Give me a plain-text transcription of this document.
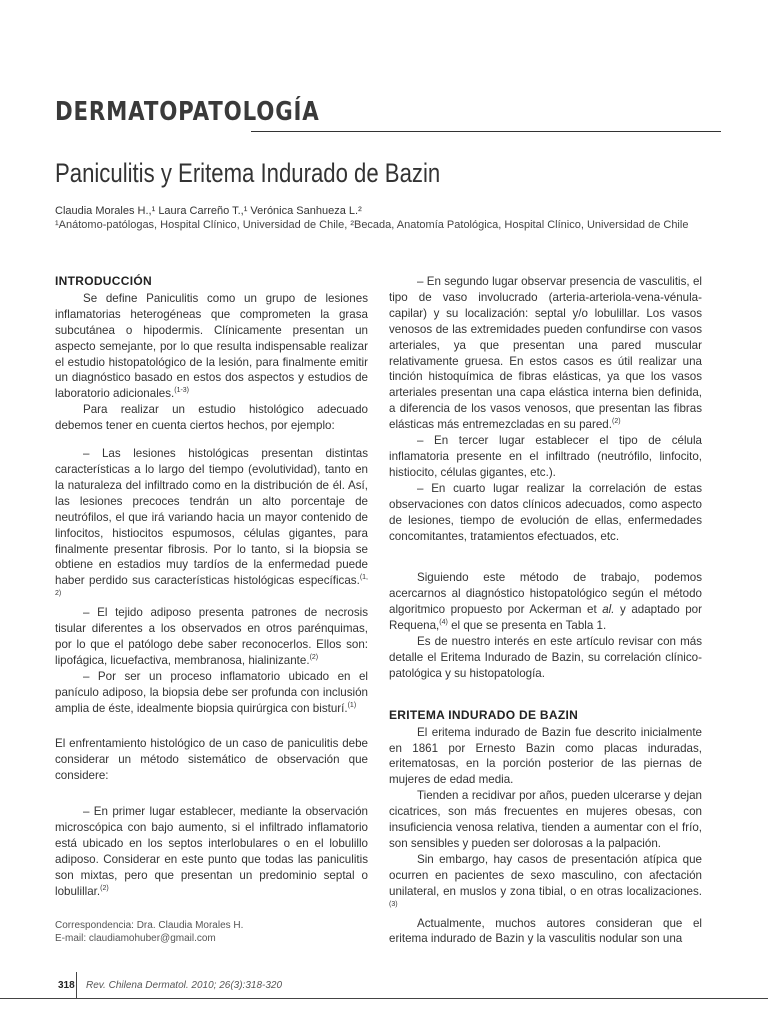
DERMATOPATOLOGÍA
Paniculitis y Eritema Indurado de Bazin
Claudia Morales H.,¹ Laura Carreño T.,¹ Verónica Sanhueza L.²
¹Anátomo-patólogas, Hospital Clínico, Universidad de Chile, ²Becada, Anatomía Patológica, Hospital Clínico, Universidad de Chile
INTRODUCCIÓN

Se define Paniculitis como un grupo de lesiones inflamatorias heterogéneas que comprometen la grasa subcutánea o hipodermis. Clínicamente presentan un aspecto semejante, por lo que resulta indispensable realizar el estudio histopatológico de la lesión, para finalmente emitir un diagnóstico basado en estos dos aspectos y estudios de laboratorio adicionales.$^{(1-3)}$

Para realizar un estudio histológico adecuado debemos tener en cuenta ciertos hechos, por ejemplo:

– Las lesiones histológicas presentan distintas características a lo largo del tiempo (evolutividad), tanto en la naturaleza del infiltrado como en la distribución de él. Así, las lesiones precoces tendrán un alto porcentaje de neutrófilos, el que irá variando hacia un mayor contenido de linfocitos, histiocitos espumosos, células gigantes, para finalmente presentar fibrosis. Por lo tanto, si la biopsia se obtiene en estadios muy tardíos de la enfermedad puede haber perdido sus características histológicas específicas.$^{(1, 2)}$

– El tejido adiposo presenta patrones de necrosis tisular diferentes a los observados en otros parénquimas, por lo que el patólogo debe saber reconocerlos. Ellos son: lipofágica, licuefactiva, membranosa, hialinizante.$^{(2)}$

– Por ser un proceso inflamatorio ubicado en el panículo adiposo, la biopsia debe ser profunda con inclusión amplia de éste, idealmente biopsia quirúrgica con bisturí.$^{(1)}$

El enfrentamiento histológico de un caso de paniculitis debe considerar un método sistemático de observación que considere:

– En primer lugar establecer, mediante la observación microscópica con bajo aumento, si el infiltrado inflamatorio está ubicado en los septos interlobulares o en el lobulillo adiposo. Considerar en este punto que todas las paniculitis son mixtas, pero que presentan un predominio septal o lobulillar.$^{(2)}$

Correspondencia: Dra. Claudia Morales H.
E-mail: claudiamohuber@gmail.com

– En segundo lugar observar presencia de vasculitis, el tipo de vaso involucrado (arteria-arteriola-vena-vénula-capilar) y su localización: septal y/o lobulillar. Los vasos venosos de las extremidades pueden confundirse con vasos arteriales, ya que presentan una pared muscular relativamente gruesa. En estos casos es útil realizar una tinción histoquímica de fibras elásticas, ya que los vasos arteriales presentan una capa elástica interna bien definida, a diferencia de los vasos venosos, que presentan las fibras elásticas más entremezcladas en su pared.$^{(2)}$

– En tercer lugar establecer el tipo de célula inflamatoria presente en el infiltrado (neutrófilo, linfocito, histiocito, células gigantes, etc.).

– En cuarto lugar realizar la correlación de estas observaciones con datos clínicos adecuados, como aspecto de lesiones, tiempo de evolución de ellas, enfermedades concomitantes, tratamientos efectuados, etc.

Siguiendo este método de trabajo, podemos acercarnos al diagnóstico histopatológico según el método algoritmico propuesto por Ackerman et al. y adaptado por Requena,$^{(4)}$ el que se presenta en Tabla 1.

Es de nuestro interés en este artículo revisar con más detalle el Eritema Indurado de Bazin, su correlación clínico-patológica y su histopatología.

ERITEMA INDURADO DE BAZIN

El eritema indurado de Bazin fue descrito inicialmente en 1861 por Ernesto Bazin como placas induradas, eritematosas, en la porción posterior de las piernas de mujeres de edad media.

Tienden a recidivar por años, pueden ulcerarse y dejan cicatrices, son más frecuentes en mujeres obesas, con insuficiencia venosa relativa, tienden a aumentar con el frío, son sensibles y pueden ser dolorosas a la palpación.

Sin embargo, hay casos de presentación atípica que ocurren en pacientes de sexo masculino, con afectación unilateral, en muslos y zona tibial, o en otras localizaciones.$^{(3)}$

Actualmente, muchos autores consideran que el eritema indurado de Bazin y la vasculitis nodular son una

318 Rev. Chilena Dermatol. 2010; 26(3):318-320
